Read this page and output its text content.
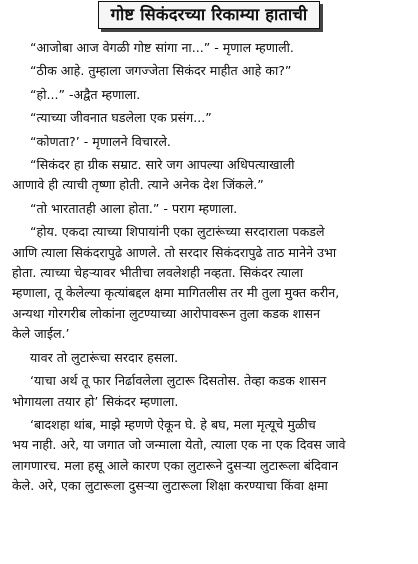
गोष्ट सिकंदरच्या रिकाम्या हाताची

“आजोबा आज वेगळी गोष्ट सांगा ना...” - मृणाल म्हणाली.

“ठीक आहे. तुम्हाला जगज्जेता सिकंदर माहीत आहे का?”

“हो...” -अद्वैत म्हणाला.

“त्याच्या जीवनात घडलेला एक प्रसंग...”

“कोणता?’ - मृणालने विचारले.

“सिकंदर हा ग्रीक सम्राट. सारे जग आपल्या अधिपत्याखाली
आणावे ही त्याची तृष्णा होती. त्याने अनेक देश जिंकले.”

“तो भारतातही आला होता.” - पराग म्हणाला.

“होय. एकदा त्याच्या शिपायांनी एका लुटारूंच्या सरदाराला पकडले
आणि त्याला सिकंदरापुढे आणले. तो सरदार सिकंदरापुढे ताठ मानेने उभा
होता. त्याच्या चेहऱ्यावर भीतीचा लवलेशही नव्हता. सिकंदर त्याला
म्हणाला, तू केलेल्या कृत्यांबद्दल क्षमा मागितलीस तर मी तुला मुक्त करीन,
अन्यथा गोरगरीब लोकांना लुटण्याच्या आरोपावरून तुला कडक शासन
केले जाईल.’

यावर तो लुटारूंचा सरदार हसला.

‘याचा अर्थ तू फार निर्ढावलेला लुटारू दिसतोस. तेव्हा कडक शासन
भोगायला तयार हो’ सिकंदर म्हणाला.

‘बादशहा थांब, माझे म्हणणे ऐकून घे. हे बघ, मला मृत्यूचे मुळीच
भय नाही. अरे, या जगात जो जन्माला येतो, त्याला एक ना एक दिवस जावे
लागणारच. मला हसू आले कारण एका लुटारूने दुसऱ्या लुटारूला बंदिवान
केले. अरे, एका लुटारूला दुसऱ्या लुटारूला शिक्षा करण्याचा किंवा क्षमा
